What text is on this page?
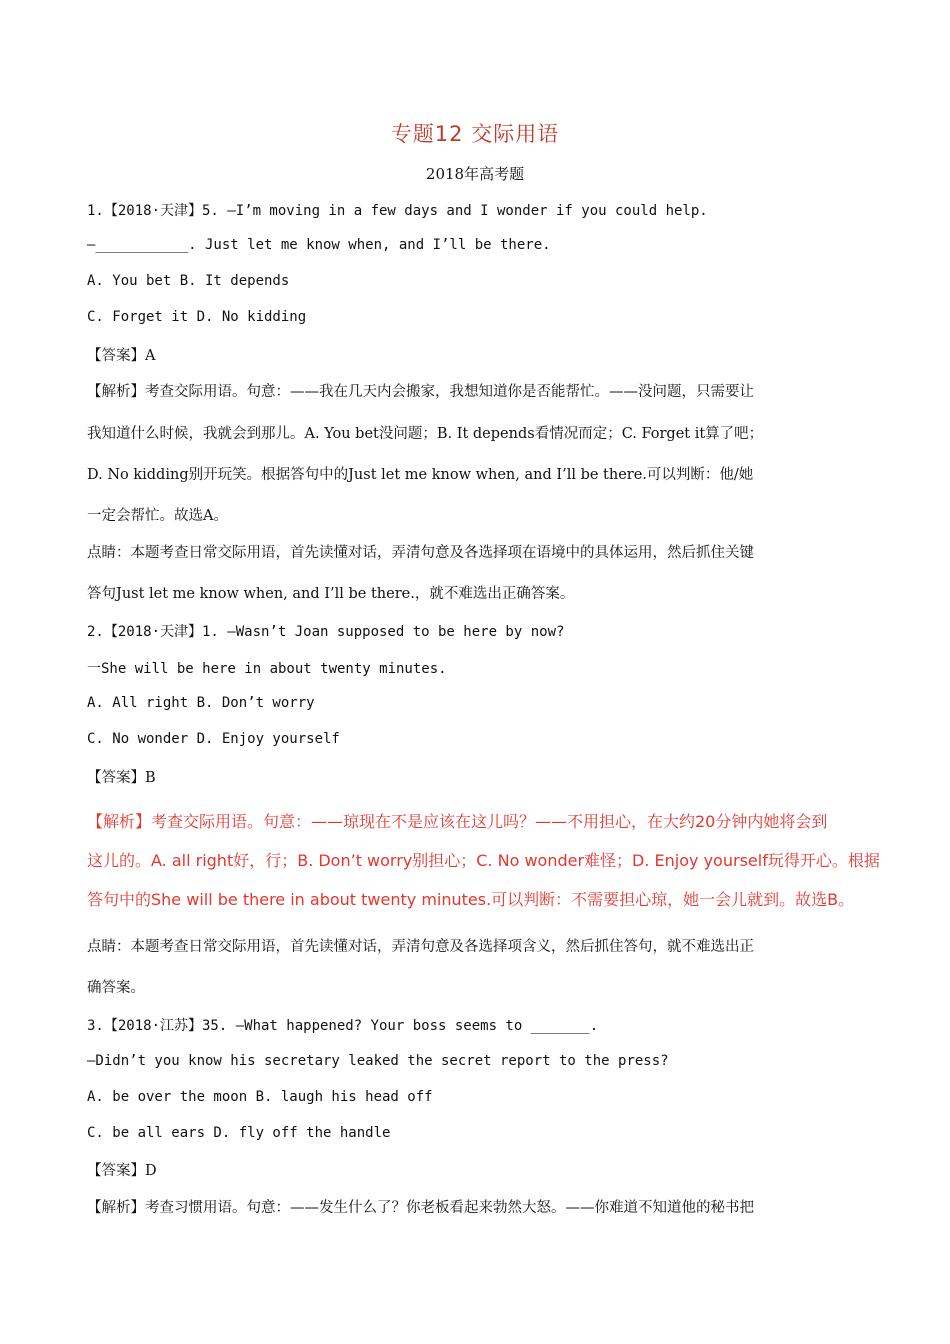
专题12 交际用语
2018年高考题
1.【2018·天津】5. —I’m moving in a few days and I wonder if you could help.
—___________. Just let me know when, and I’ll be there.
A. You bet B. It depends
C. Forget it D. No kidding
【答案】A
【解析】考查交际用语。句意：——我在几天内会搬家，我想知道你是否能帮忙。——没问题，只需要让
我知道什么时候，我就会到那儿。A. You bet没问题；B. It depends看情况而定；C. Forget it算了吧；
D. No kidding别开玩笑。根据答句中的Just let me know when, and I’ll be there.可以判断：他/她
一定会帮忙。故选A。
点睛：本题考查日常交际用语，首先读懂对话，弄清句意及各选择项在语境中的具体运用，然后抓住关键
答句Just let me know when, and I’ll be there.，就不难选出正确答案。
2.【2018·天津】1. —Wasn’t Joan supposed to be here by now?
一She will be here in about twenty minutes.
A. All right B. Don’t worry
C. No wonder D. Enjoy yourself
【答案】B
【解析】考查交际用语。句意：——琼现在不是应该在这儿吗？——不用担心，在大约20分钟内她将会到
这儿的。A. all right好，行；B. Don’t worry别担心；C. No wonder难怪；D. Enjoy yourself玩得开心。根据
答句中的She will be there in about twenty minutes.可以判断：不需要担心琼，她一会儿就到。故选B。
点睛：本题考查日常交际用语，首先读懂对话，弄清句意及各选择项含义，然后抓住答句，就不难选出正
确答案。
3.【2018·江苏】35. —What happened? Your boss seems to _______.
—Didn’t you know his secretary leaked the secret report to the press?
A. be over the moon B. laugh his head off
C. be all ears D. fly off the handle
【答案】D
【解析】考查习惯用语。句意：——发生什么了？你老板看起来勃然大怒。——你难道不知道他的秘书把
